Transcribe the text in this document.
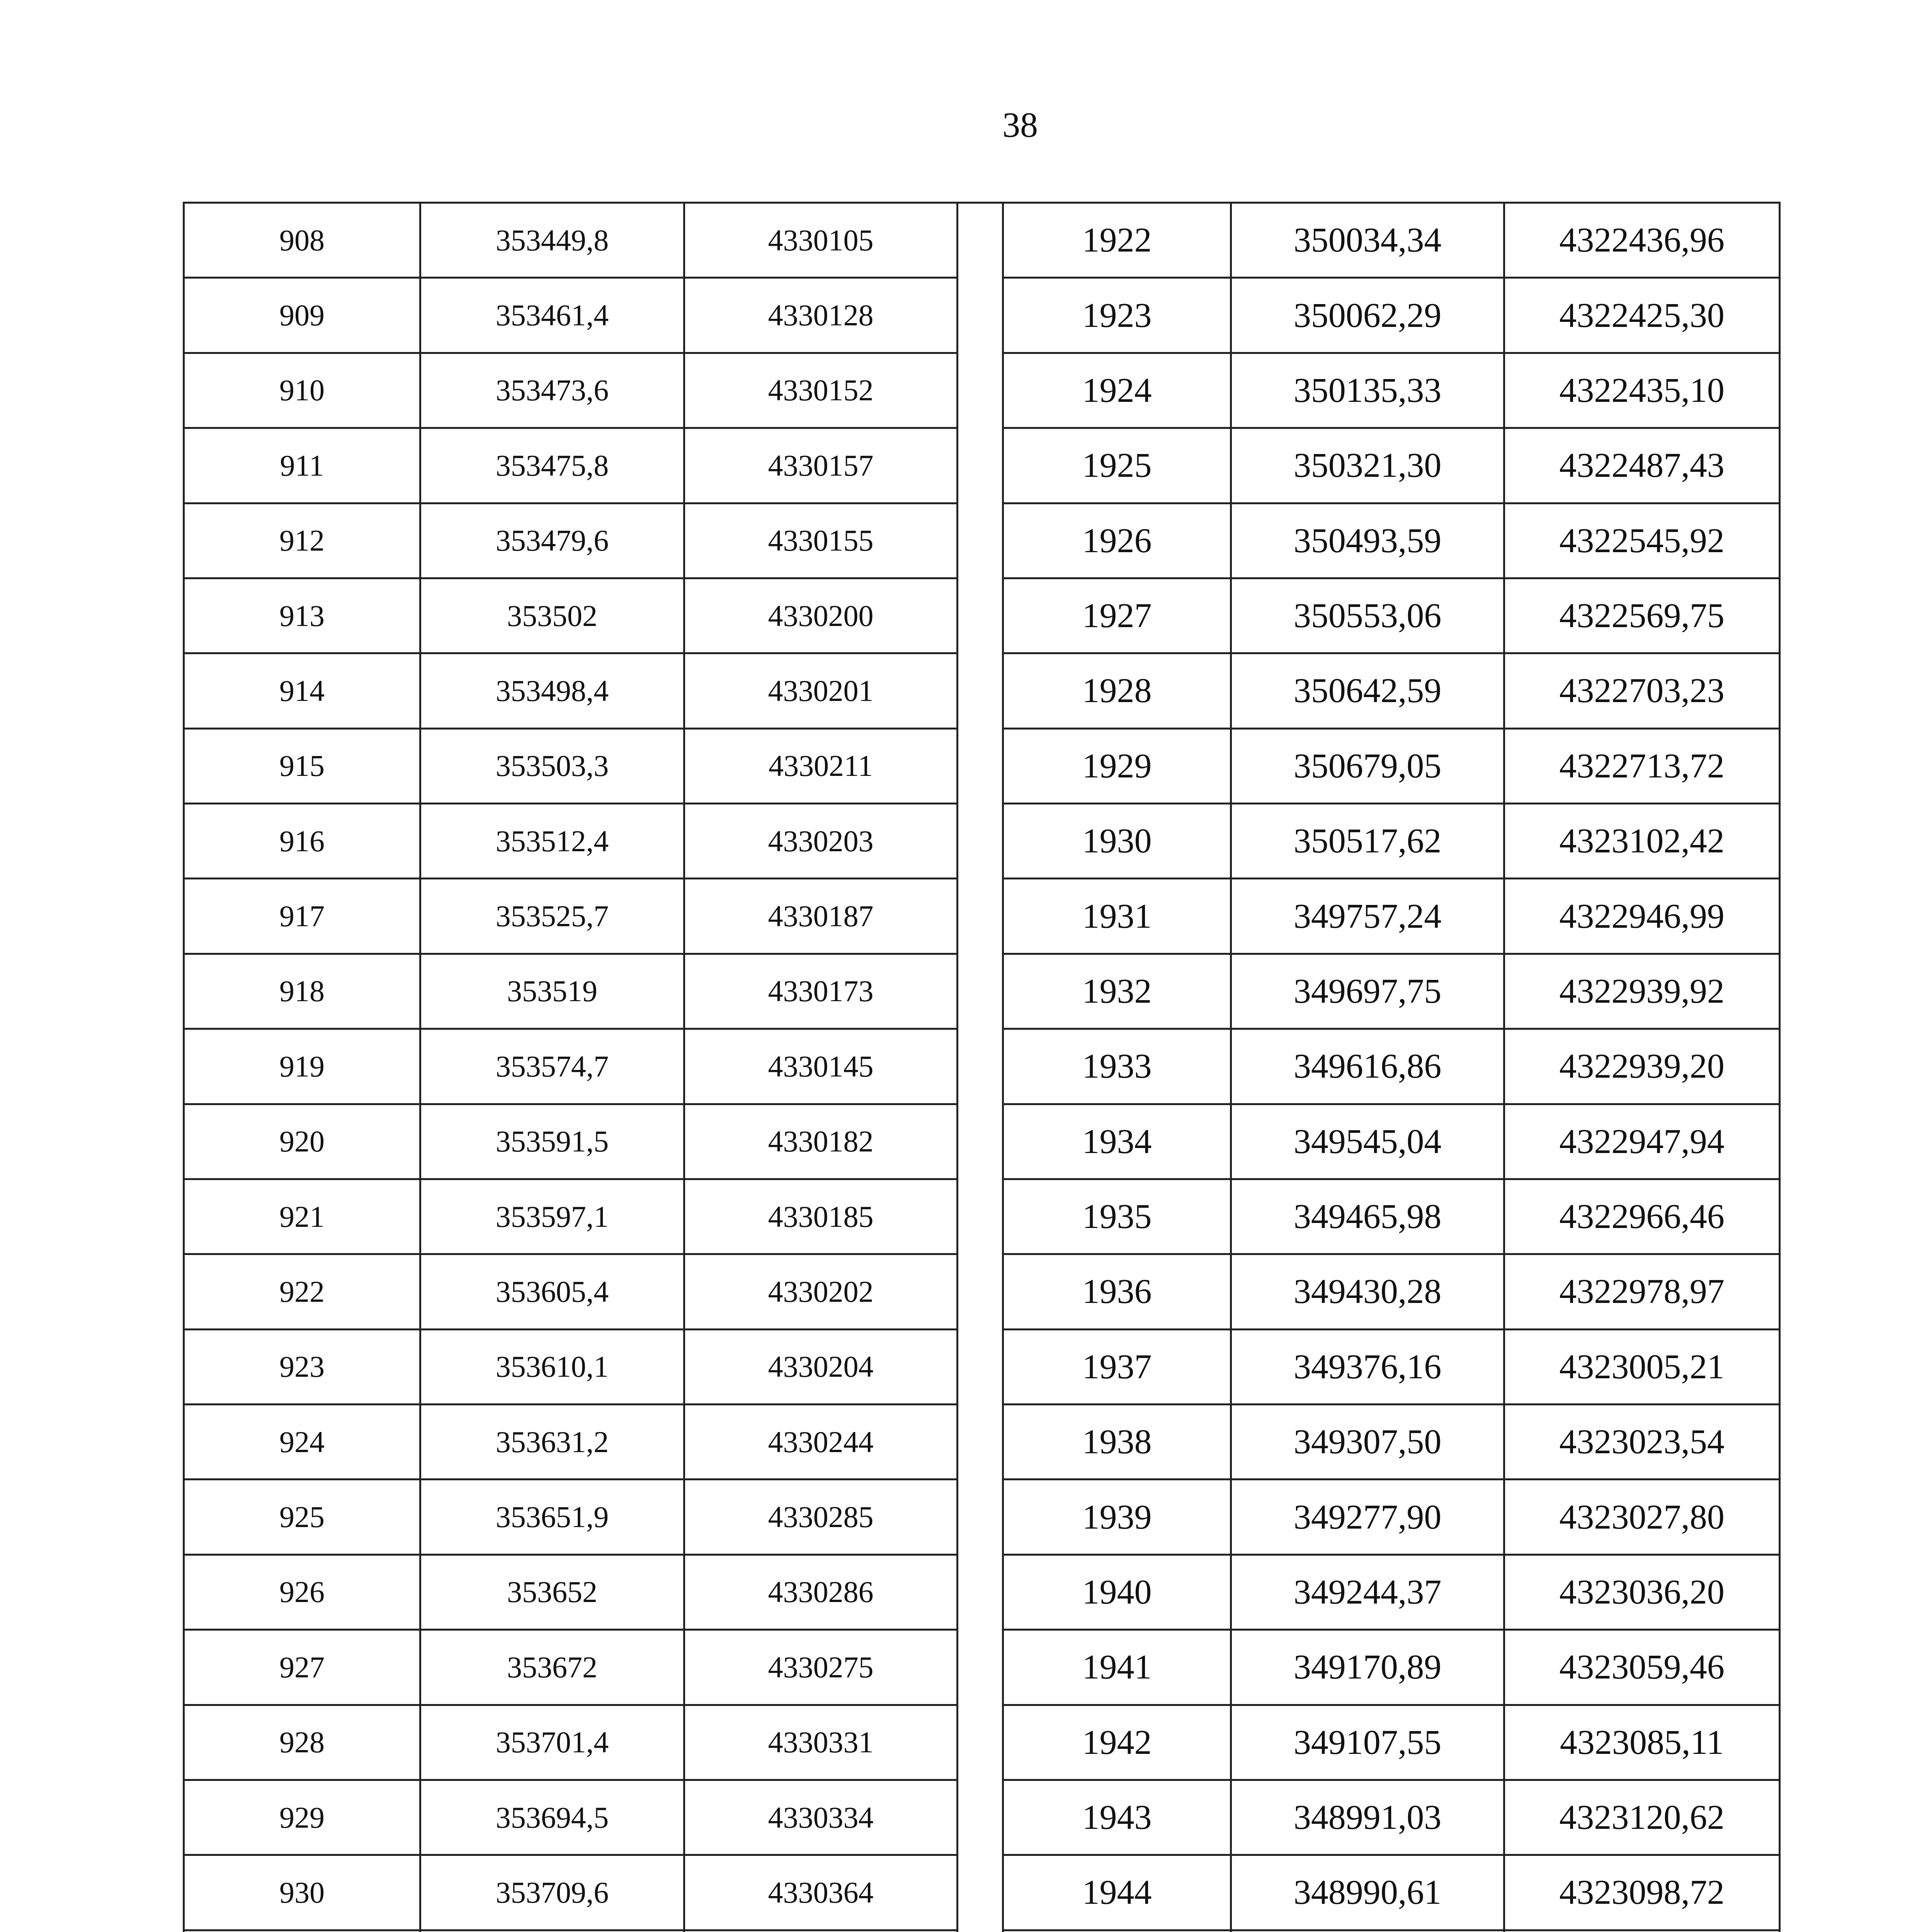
38
908	353449,8	4330105		1922	350034,34	4322436,96
909	353461,4	4330128		1923	350062,29	4322425,30
910	353473,6	4330152		1924	350135,33	4322435,10
911	353475,8	4330157		1925	350321,30	4322487,43
912	353479,6	4330155		1926	350493,59	4322545,92
913	353502	4330200		1927	350553,06	4322569,75
914	353498,4	4330201		1928	350642,59	4322703,23
915	353503,3	4330211		1929	350679,05	4322713,72
916	353512,4	4330203		1930	350517,62	4323102,42
917	353525,7	4330187		1931	349757,24	4322946,99
918	353519	4330173		1932	349697,75	4322939,92
919	353574,7	4330145		1933	349616,86	4322939,20
920	353591,5	4330182		1934	349545,04	4322947,94
921	353597,1	4330185		1935	349465,98	4322966,46
922	353605,4	4330202		1936	349430,28	4322978,97
923	353610,1	4330204		1937	349376,16	4323005,21
924	353631,2	4330244		1938	349307,50	4323023,54
925	353651,9	4330285		1939	349277,90	4323027,80
926	353652	4330286		1940	349244,37	4323036,20
927	353672	4330275		1941	349170,89	4323059,46
928	353701,4	4330331		1942	349107,55	4323085,11
929	353694,5	4330334		1943	348991,03	4323120,62
930	353709,6	4330364		1944	348990,61	4323098,72
